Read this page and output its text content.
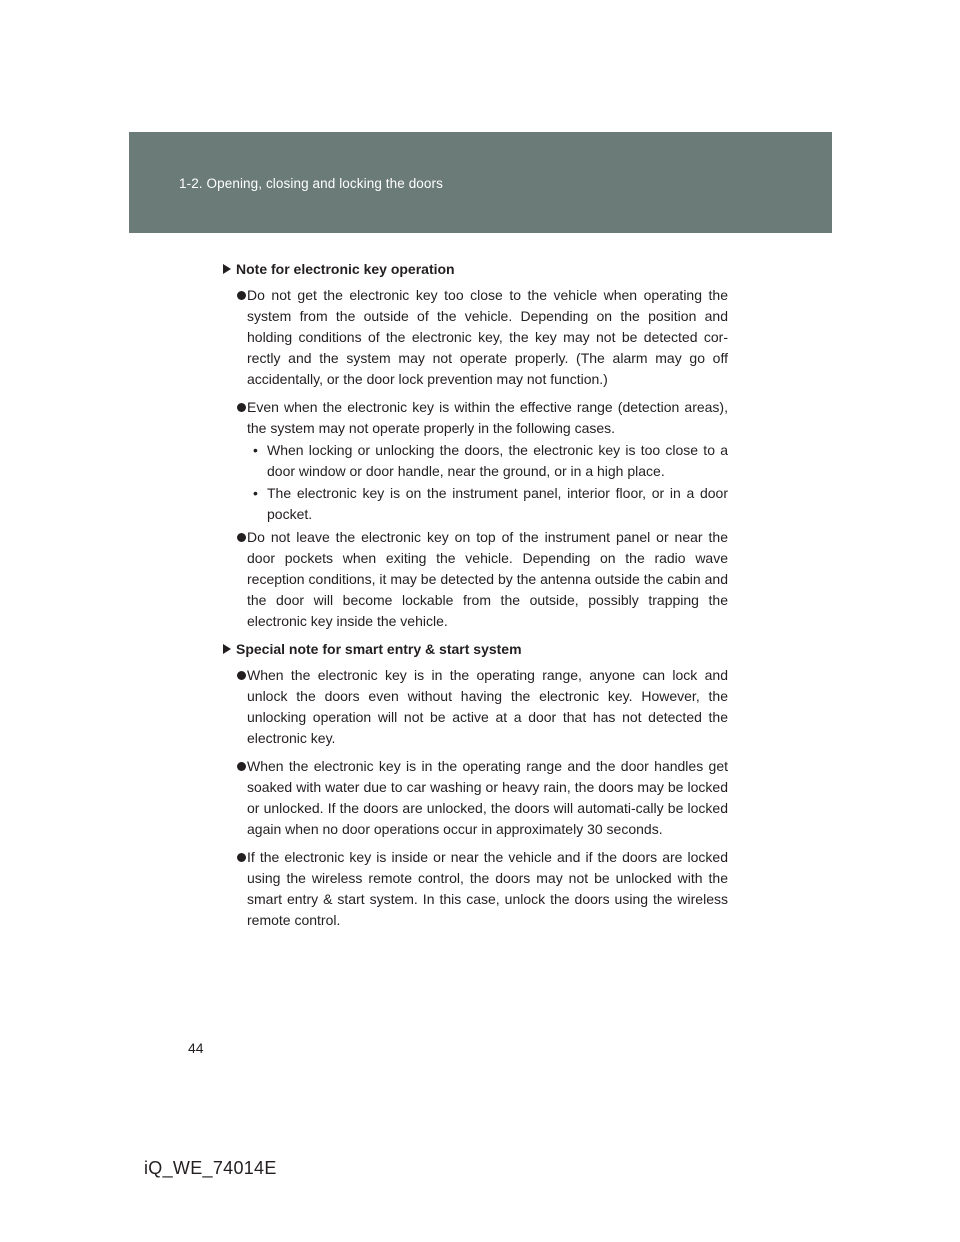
1-2. Opening, closing and locking the doors
Note for electronic key operation
Do not get the electronic key too close to the vehicle when operating the system from the outside of the vehicle. Depending on the position and holding conditions of the electronic key, the key may not be detected cor-rectly and the system may not operate properly. (The alarm may go off accidentally, or the door lock prevention may not function.)
Even when the electronic key is within the effective range (detection areas), the system may not operate properly in the following cases.
• When locking or unlocking the doors, the electronic key is too close to a door window or door handle, near the ground, or in a high place.
• The electronic key is on the instrument panel, interior floor, or in a door pocket.
Do not leave the electronic key on top of the instrument panel or near the door pockets when exiting the vehicle. Depending on the radio wave reception conditions, it may be detected by the antenna outside the cabin and the door will become lockable from the outside, possibly trapping the electronic key inside the vehicle.
Special note for smart entry & start system
When the electronic key is in the operating range, anyone can lock and unlock the doors even without having the electronic key. However, the unlocking operation will not be active at a door that has not detected the electronic key.
When the electronic key is in the operating range and the door handles get soaked with water due to car washing or heavy rain, the doors may be locked or unlocked. If the doors are unlocked, the doors will automati-cally be locked again when no door operations occur in approximately 30 seconds.
If the electronic key is inside or near the vehicle and if the doors are locked using the wireless remote control, the doors may not be unlocked with the smart entry & start system. In this case, unlock the doors using the wireless remote control.
44
iQ_WE_74014E
